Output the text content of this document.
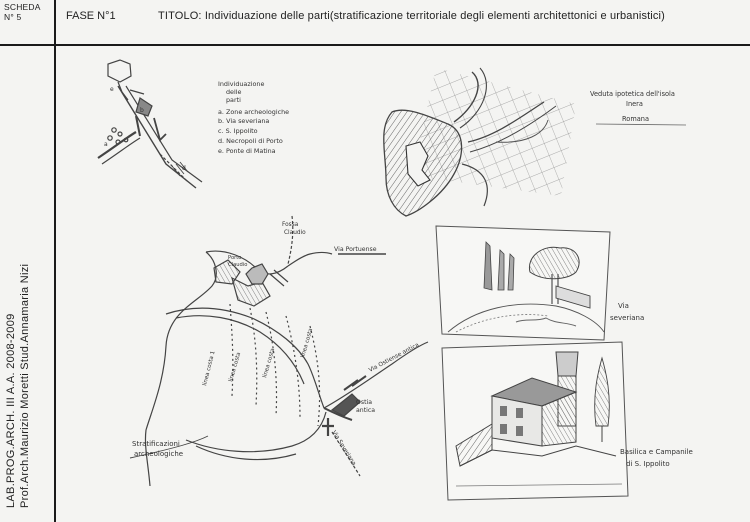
SCHEDA
N° 5	FASE N°1	TITOLO: Individuazione delle parti(stratificazione territoriale degli elementi architettonici e urbanistici)
LAB.PROG.ARCH. III A.A. 2008-2009 Prof.Arch.Maurizio Moretti Stud.Annamaria Nizi
e
b
a
d
Individuazione
delle
parti
a. Zone archeologiche
b. Via severiana
c. S. Ippolito
d. Necropoli di Porto
e. Ponte di Matina
Veduta ipotetica dell'isola
Inera
Romana
Fossa
Claudio
Via Portuense
Porto
Claudio
linea costa 1 linea costa	linea costa
linea costa	Via Ostiense antica
Ostia
antica
Via Severiana
Stratificazioni
archeologiche
Via
severiana
Basilica e Campanile
di S. Ippolito
